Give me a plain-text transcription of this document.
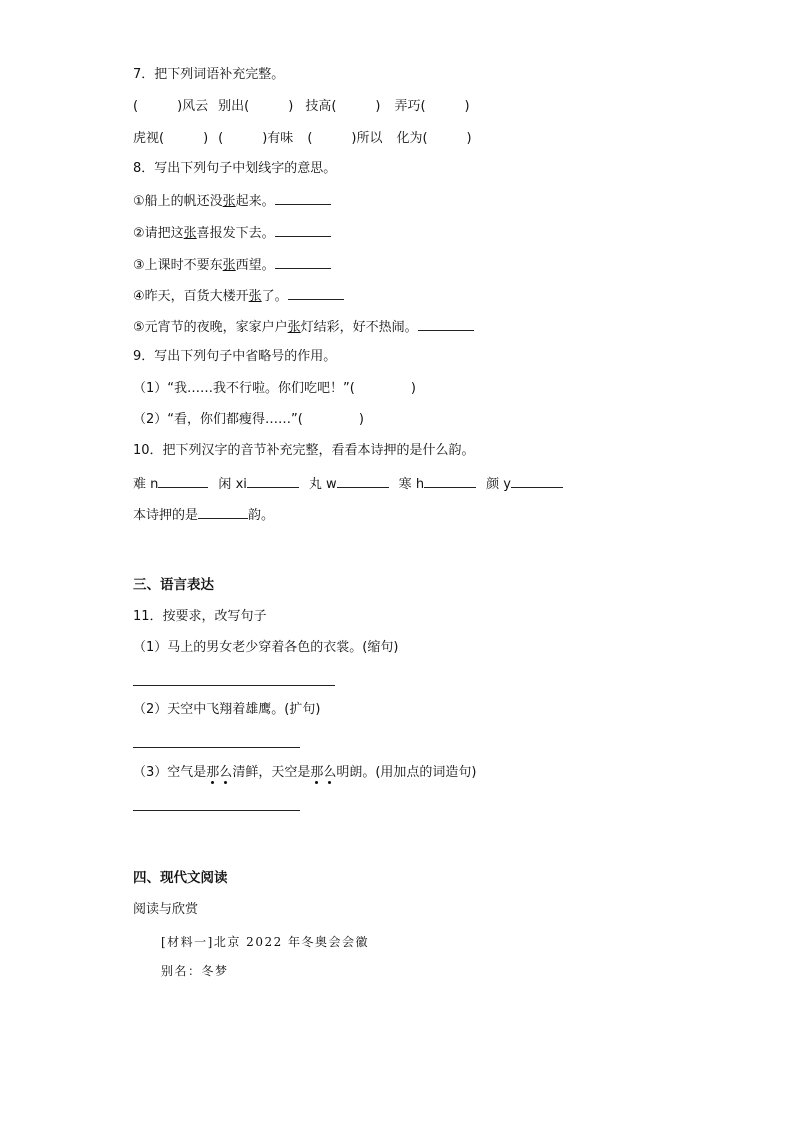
7．把下列词语补充完整。
(　　　)风云 别出(　　　) 技高(　　　) 弄巧(　　　)
虎视(　　　) (　　　)有味 (　　　)所以 化为(　　　)
8．写出下列句子中划线字的意思。
①船上的帆还没张起来。
②请把这张喜报发下去。
③上课时不要东张西望。
④昨天，百货大楼开张了。
⑤元宵节的夜晚，家家户户张灯结彩，好不热闹。
9．写出下列句子中省略号的作用。
（1）“我……我不行啦。你们吃吧！”(	)
（2）“看，你们都瘦得……”(	)
10．把下列汉字的音节补充完整，看看本诗押的是什么韵。
难 n	闲 xi	丸 w	寒 h	颜 y
本诗押的是	韵。
三、语言表达
11．按要求，改写句子
（1）马上的男女老少穿着各色的衣裳。(缩句)
（2）天空中飞翔着雄鹰。(扩句)
（3）空气是那么清鲜，天空是那么明朗。(用加点的词造句)
四、现代文阅读
阅读与欣赏
[材料一]北京 2022 年冬奥会会徽
别名：冬梦
